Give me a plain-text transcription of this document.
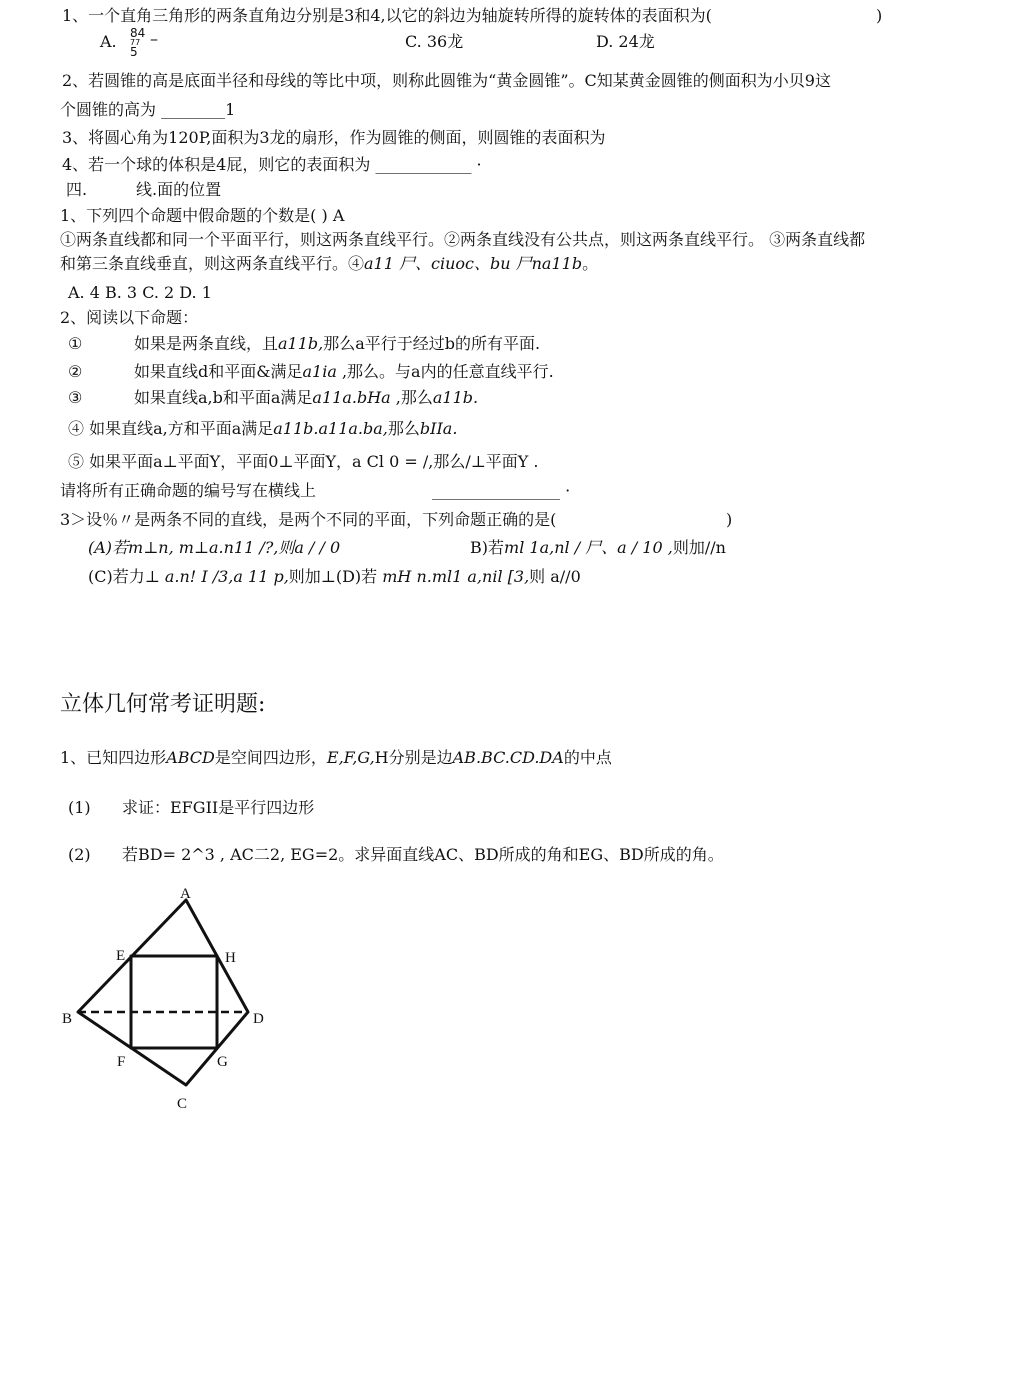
1、一个直角三角形的两条直角边分别是3和4,以它的斜边为轴旋转所得的旋转体的表面积为(	)
A. 84
77
5
–	C. 36龙	D. 24龙
2、若圆锥的高是底面半径和母线的等比中项，则称此圆锥为“黄金圆锥”。C知某黄金圆锥的侧面积为小贝9这
个圆锥的高为 ________1
3、将圆心角为120P,面积为3龙的扇形，作为圆锥的侧面，则圆锥的表面积为
4、若一个球的体积是4屁，则它的表面积为 ____________ ·
四.	线.面的位置
1、下列四个命题中假命题的个数是( ) A
①两条直线都和同一个平面平行，则这两条直线平行。②两条直线没有公共点，则这两条直线平行。 ③两条直线都
和第三条直线垂直，则这两条直线平行。④a11 尸、ciuoc、bu 尸na11b。
A. 4 B. 3 C. 2 D. 1
2、阅读以下命题：
①	如果是两条直线，且a11b,那么a平行于经过b的所有平面.
②	如果直线d和平面&满足a1ia ,那么。与a内的任意直线平行.
③	如果直线a,b和平面a满足a11a.bHa ,那么a11b.
④ 如果直线a,方和平面a满足a11b.a11a.ba,那么bIIa.
⑤ 如果平面a⊥平面Y，平面0⊥平面Y，a Cl 0 = /,那么/⊥平面Y .
请将所有正确命题的编号写在横线上	________________ ·
3＞设％〃是两条不同的直线，是两个不同的平面，下列命题正确的是(	)
(A)若m⊥n, m⊥a.n11 /?,则a / / 0	B)若ml 1a,nl / 尸、a / 10 ,则加//n
(C)若力⊥ a.n! I /3,a 11 p,则加⊥(D)若 mH n.ml1 a,nil [3,则 a//0
立体几何常考证明题:
1、已知四边形ABCD是空间四边形，E,F,G,H分别是边AB.BC.CD.DA的中点
(1) 求证：EFGII是平行四边形
(2) 若BD= 2^3 , AC二2, EG=2。求异面直线AC、BD所成的角和EG、BD所成的角。
A
B
C
D
E
F	G
H
